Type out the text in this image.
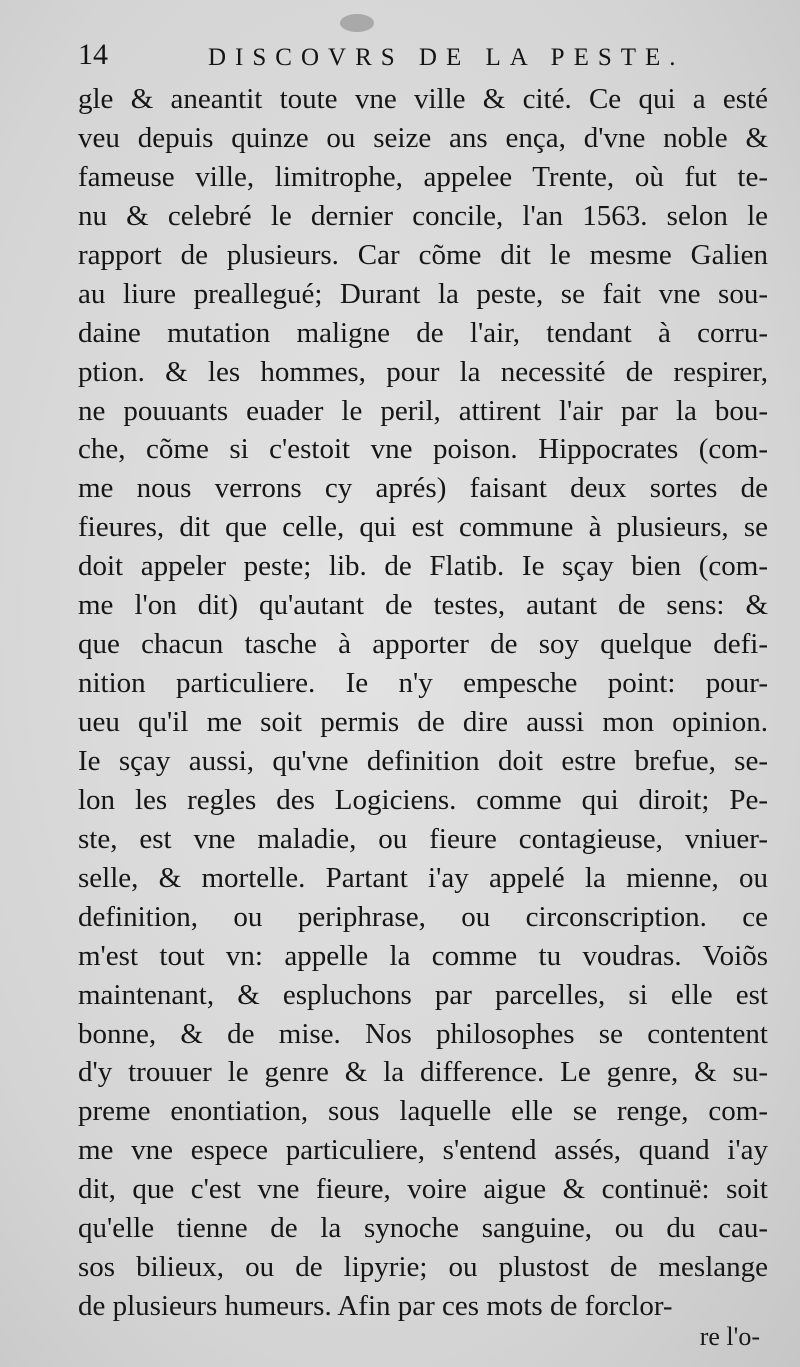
14	DISCOVRS DE LA PESTE.
gle & aneantit toute vne ville & cité. Ce qui a esté
veu depuis quinze ou seize ans ença, d'vne noble &
fameuse ville, limitrophe, appelee Trente, où fut te-
nu & celebré le dernier concile, l'an 1563. selon le
rapport de plusieurs. Car cõme dit le mesme Galien
au liure preallegué; Durant la peste, se fait vne sou-
daine mutation maligne de l'air, tendant à corru-
ption. & les hommes, pour la necessité de respirer,
ne pouuants euader le peril, attirent l'air par la bou-
che, cõme si c'estoit vne poison. Hippocrates (com-
me nous verrons cy aprés) faisant deux sortes de
fieures, dit que celle, qui est commune à plusieurs, se
doit appeler peste; lib. de Flatib. Ie sçay bien (com-
me l'on dit) qu'autant de testes, autant de sens: &
que chacun tasche à apporter de soy quelque defi-
nition particuliere. Ie n'y empesche point: pour-
ueu qu'il me soit permis de dire aussi mon opinion.
Ie sçay aussi, qu'vne definition doit estre brefue, se-
lon les regles des Logiciens. comme qui diroit; Pe-
ste, est vne maladie, ou fieure contagieuse, vniuer-
selle, & mortelle. Partant i'ay appelé la mienne, ou
definition, ou periphrase, ou circonscription. ce
m'est tout vn: appelle la comme tu voudras. Voiõs
maintenant, & espluchons par parcelles, si elle est
bonne, & de mise. Nos philosophes se contentent
d'y trouuer le genre & la difference. Le genre, & su-
preme enontiation, sous laquelle elle se renge, com-
me vne espece particuliere, s'entend assés, quand i'ay
dit, que c'est vne fieure, voire aigue & continuë: soit
qu'elle tienne de la synoche sanguine, ou du cau-
sos bilieux, ou de lipyrie; ou plustost de meslange
de plusieurs humeurs. Afin par ces mots de forclor-
re l'o-
